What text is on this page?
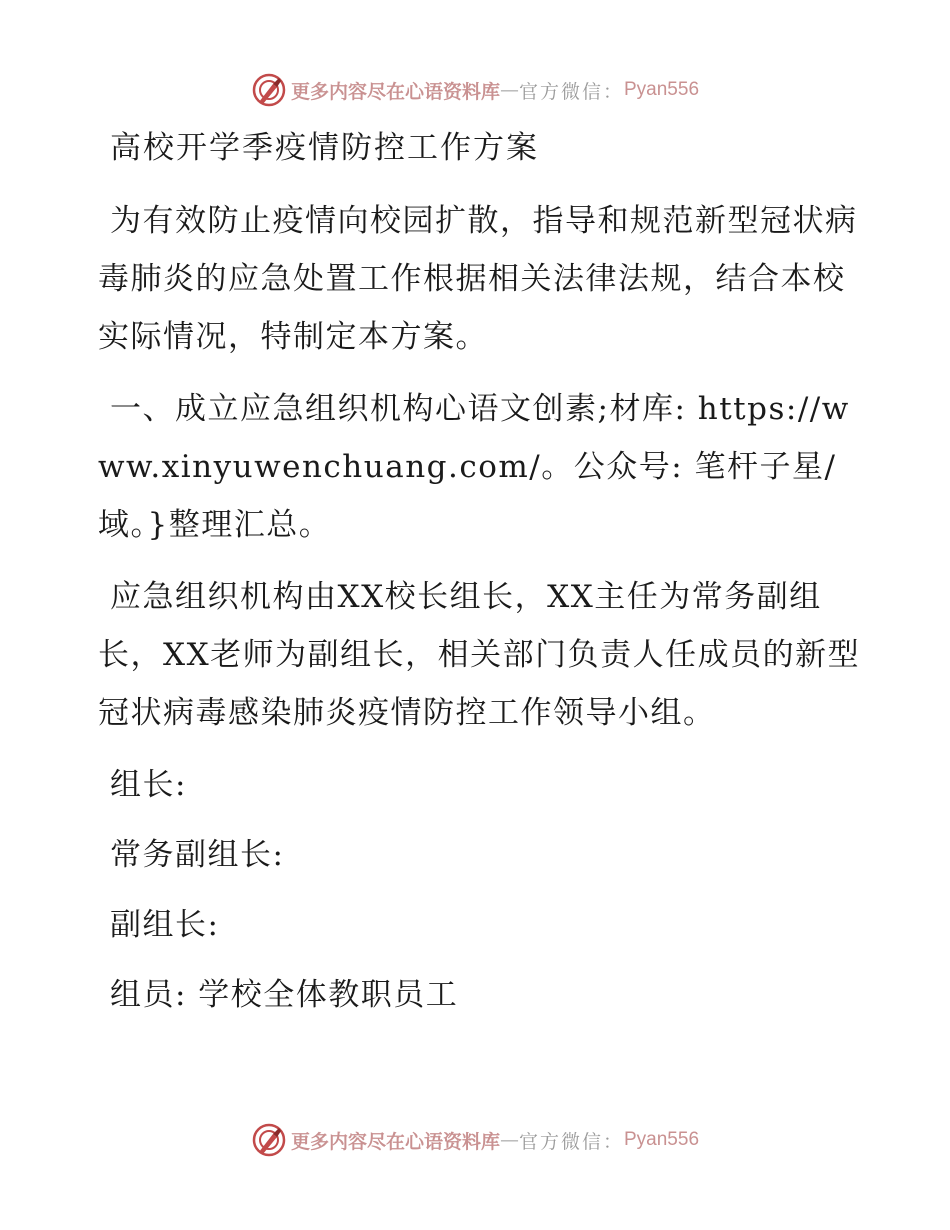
更多内容尽在心语资料库 — 官方微信： Pyan556
高校开学季疫情防控工作方案

为有效防止疫情向校园扩散，指导和规范新型冠状病毒肺炎的应急处置工作根据相关法律法规，结合本校实际情况，特制定本方案。

一、成立应急组织机构心语文创素;材库: https://www.xinyuwenchuang.com/。公众号: 笔杆子星/域。}整理汇总。

应急组织机构由XX校长组长，XX主任为常务副组长，XX老师为副组长，相关部门负责人任成员的新型冠状病毒感染肺炎疫情防控工作领导小组。

组长:

常务副组长:

副组长:

组员: 学校全体教职员工

更多内容尽在心语资料库 — 官方微信： Pyan556
